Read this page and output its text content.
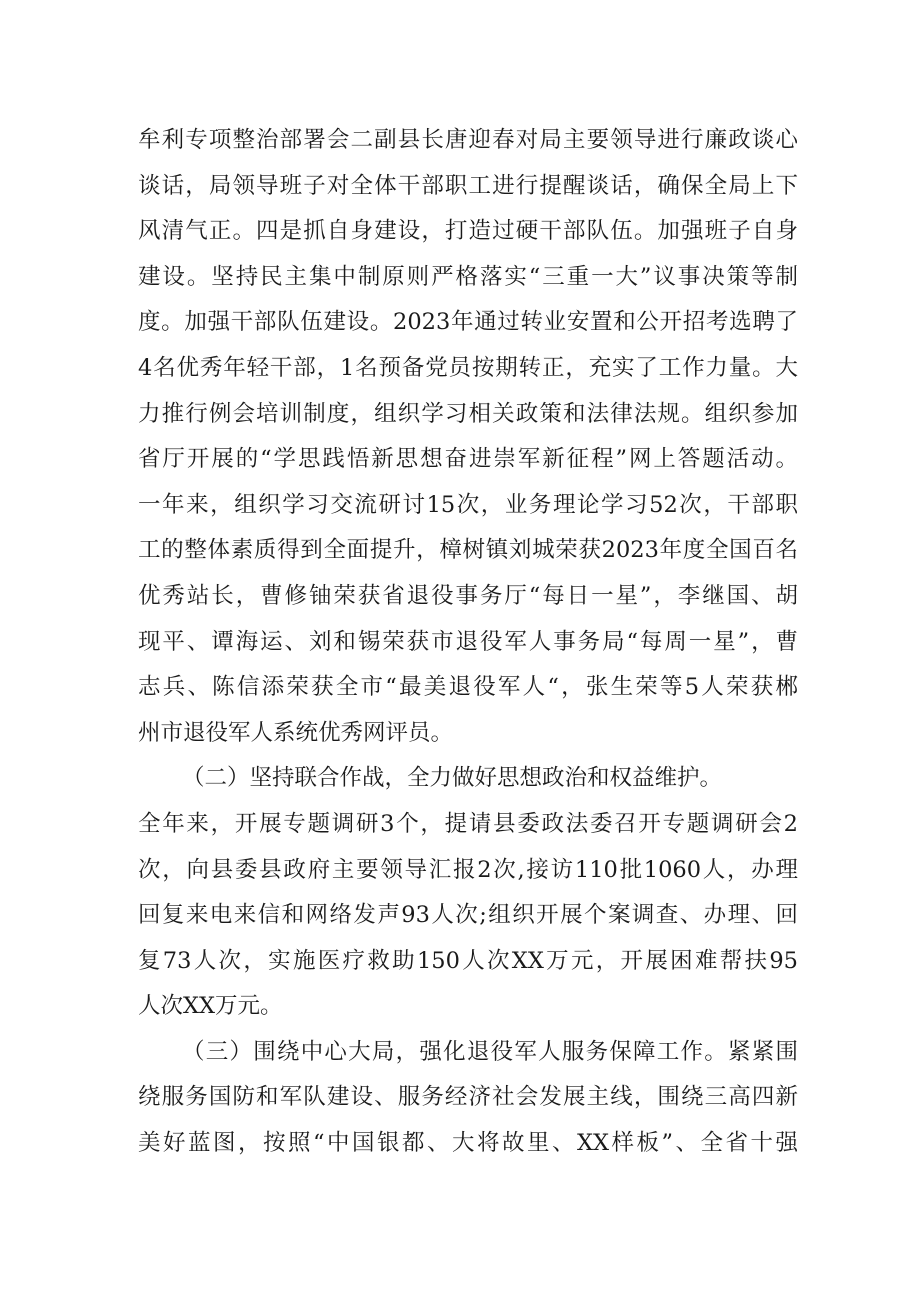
牟利专项整治部署会二副县长唐迎春对局主要领导进行廉政谈心
谈话，局领导班子对全体干部职工进行提醒谈话，确保全局上下
风清气正。四是抓自身建设，打造过硬干部队伍。加强班子自身
建设。坚持民主集中制原则严格落实“三重一大”议事决策等制
度。加强干部队伍建设。2023年通过转业安置和公开招考选聘了
4名优秀年轻干部，1名预备党员按期转正，充实了工作力量。大
力推行例会培训制度，组织学习相关政策和法律法规。组织参加
省厅开展的“学思践悟新思想奋进崇军新征程”网上答题活动。
一年来，组织学习交流研讨15次，业务理论学习52次，干部职
工的整体素质得到全面提升，樟树镇刘城荣获2023年度全国百名
优秀站长，曹修铀荣获省退役事务厅“每日一星”，李继国、胡
现平、谭海运、刘和锡荣获市退役军人事务局“每周一星”，曹
志兵、陈信添荣获全市“最美退役军人“，张生荣等5人荣获郴
州市退役军人系统优秀网评员。
（二）坚持联合作战，全力做好思想政治和权益维护。
全年来，开展专题调研3个，提请县委政法委召开专题调研会2
次，向县委县政府主要领导汇报2次,接访110批1060人，办理
回复来电来信和网络发声93人次;组织开展个案调查、办理、回
复73人次，实施医疗救助150人次XX万元，开展困难帮扶95
人次XX万元。
（三）围绕中心大局，强化退役军人服务保障工作。紧紧围
绕服务国防和军队建设、服务经济社会发展主线，围绕三高四新
美好蓝图，按照“中国银都、大将故里、XX样板”、全省十强
